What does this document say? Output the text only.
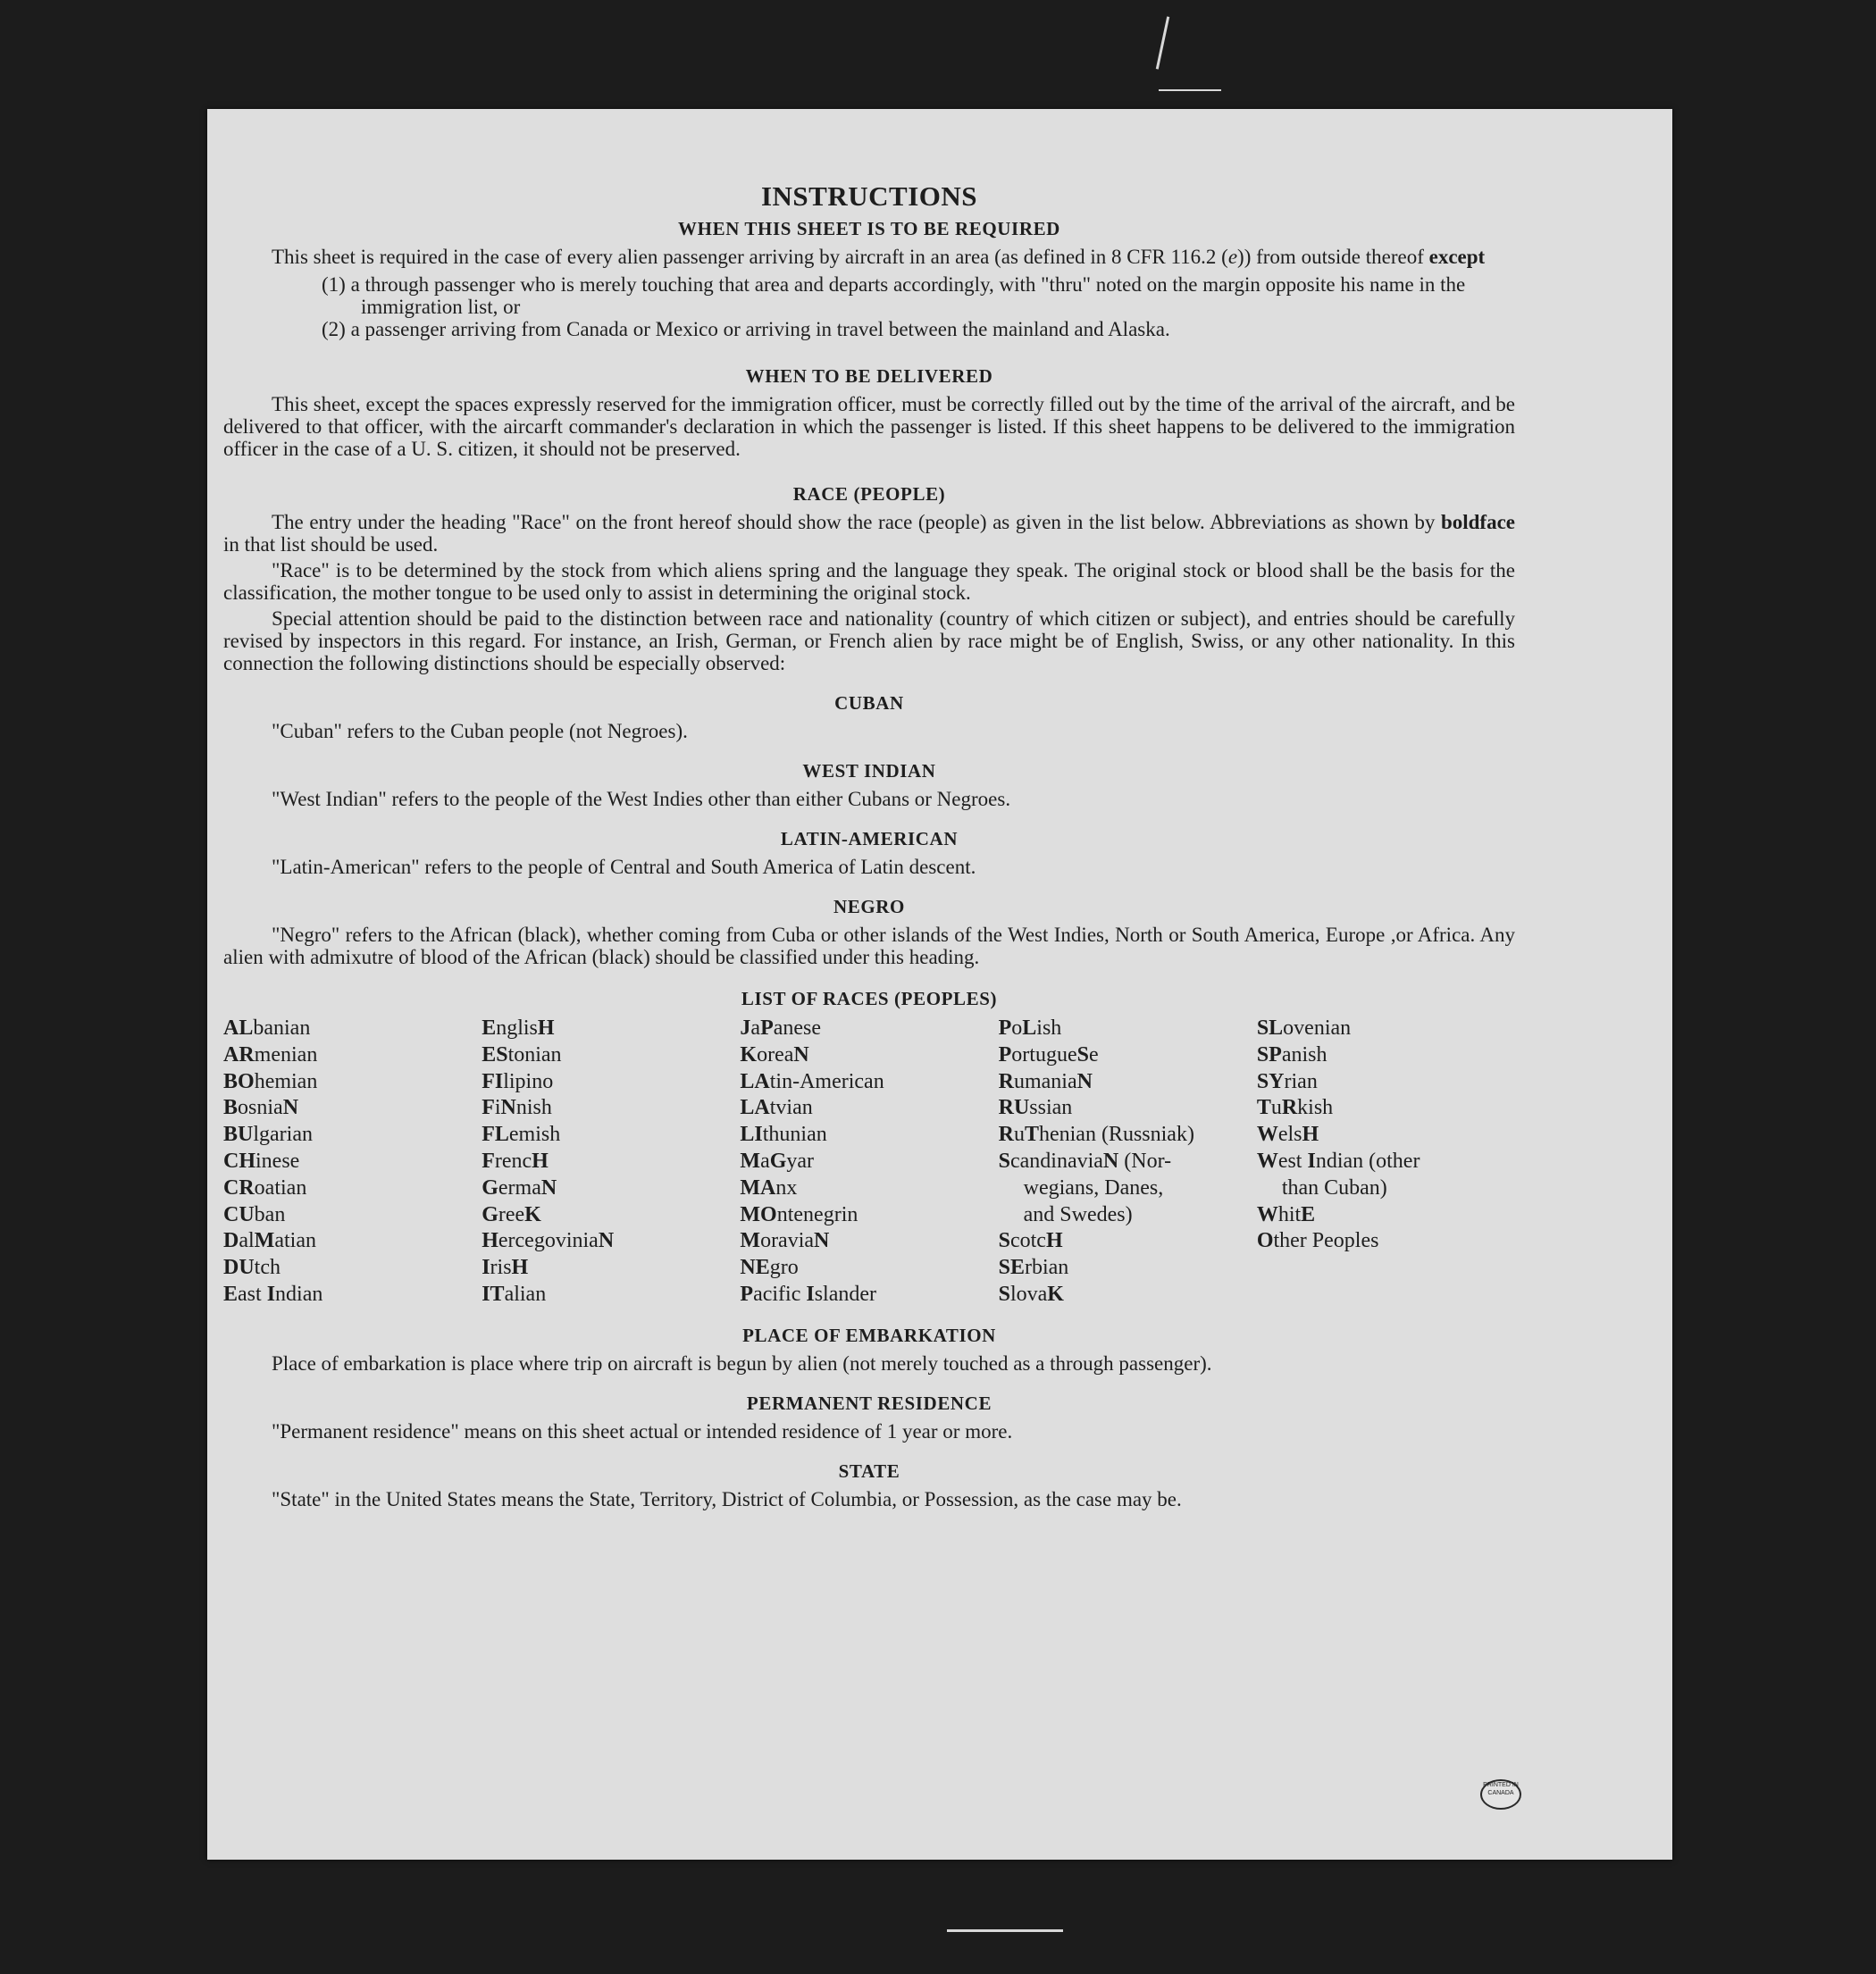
INSTRUCTIONS
WHEN THIS SHEET IS TO BE REQUIRED

This sheet is required in the case of every alien passenger arriving by aircraft in an area (as defined in 8 CFR 116.2 (e)) from outside thereof except

(1) a through passenger who is merely touching that area and departs accordingly, with "thru" noted on the margin opposite his name in the immigration list, or
(2) a passenger arriving from Canada or Mexico or arriving in travel between the mainland and Alaska.
WHEN TO BE DELIVERED

This sheet, except the spaces expressly reserved for the immigration officer, must be correctly filled out by the time of the arrival of the aircraft, and be delivered to that officer, with the aircarft commander's declaration in which the passenger is listed. If this sheet happens to be delivered to the immigration officer in the case of a U. S. citizen, it should not be preserved.

RACE (PEOPLE)

The entry under the heading "Race" on the front hereof should show the race (people) as given in the list below. Abbreviations as shown by boldface in that list should be used.

"Race" is to be determined by the stock from which aliens spring and the language they speak. The original stock or blood shall be the basis for the classification, the mother tongue to be used only to assist in determining the original stock.

Special attention should be paid to the distinction between race and nationality (country of which citizen or subject), and entries should be carefully revised by inspectors in this regard. For instance, an Irish, German, or French alien by race might be of English, Swiss, or any other nationality. In this connection the following distinctions should be especially observed:

CUBAN

"Cuban" refers to the Cuban people (not Negroes).

WEST INDIAN

"West Indian" refers to the people of the West Indies other than either Cubans or Negroes.

LATIN-AMERICAN

"Latin-American" refers to the people of Central and South America of Latin descent.

NEGRO

"Negro" refers to the African (black), whether coming from Cuba or other islands of the West Indies, North or South America, Europe ,or Africa. Any alien with admixutre of blood of the African (black) should be classified under this heading.

LIST OF RACES (PEOPLES)
ALbanian
ARmenian
BOhemian
BosniaN
BUlgarian
CHinese
CRoatian
CUban
DalMatian
DUtch
East Indian
EnglisH
EStonian
FIlipino
FiNnish
FLemish
FrencH
GermaN
GreeK
HercegoviniaN
IrisH
ITalian
JaPanese
KoreaN
LAtin-American
LAtvian
LIthunian
MaGyar
MAnx
MOntenegrin
MoraviaN
NEgro
Pacific Islander
PoLish
PortugueSe
RumaniaN
RUssian
RuThenian (Russniak)
ScandinaviaN (Nor-
wegians, Danes,
and Swedes)
ScotcH
SErbian
SlovaK
SLovenian
SPanish
SYrian
TuRkish
WelsH
West Indian (other
than Cuban)
WhitE
Other Peoples
PLACE OF EMBARKATION

Place of embarkation is place where trip on aircraft is begun by alien (not merely touched as a through passenger).

PERMANENT RESIDENCE

"Permanent residence" means on this sheet actual or intended residence of 1 year or more.

STATE

"State" in the United States means the State, Territory, District of Columbia, or Possession, as the case may be.

PRINTED IN CANADA
